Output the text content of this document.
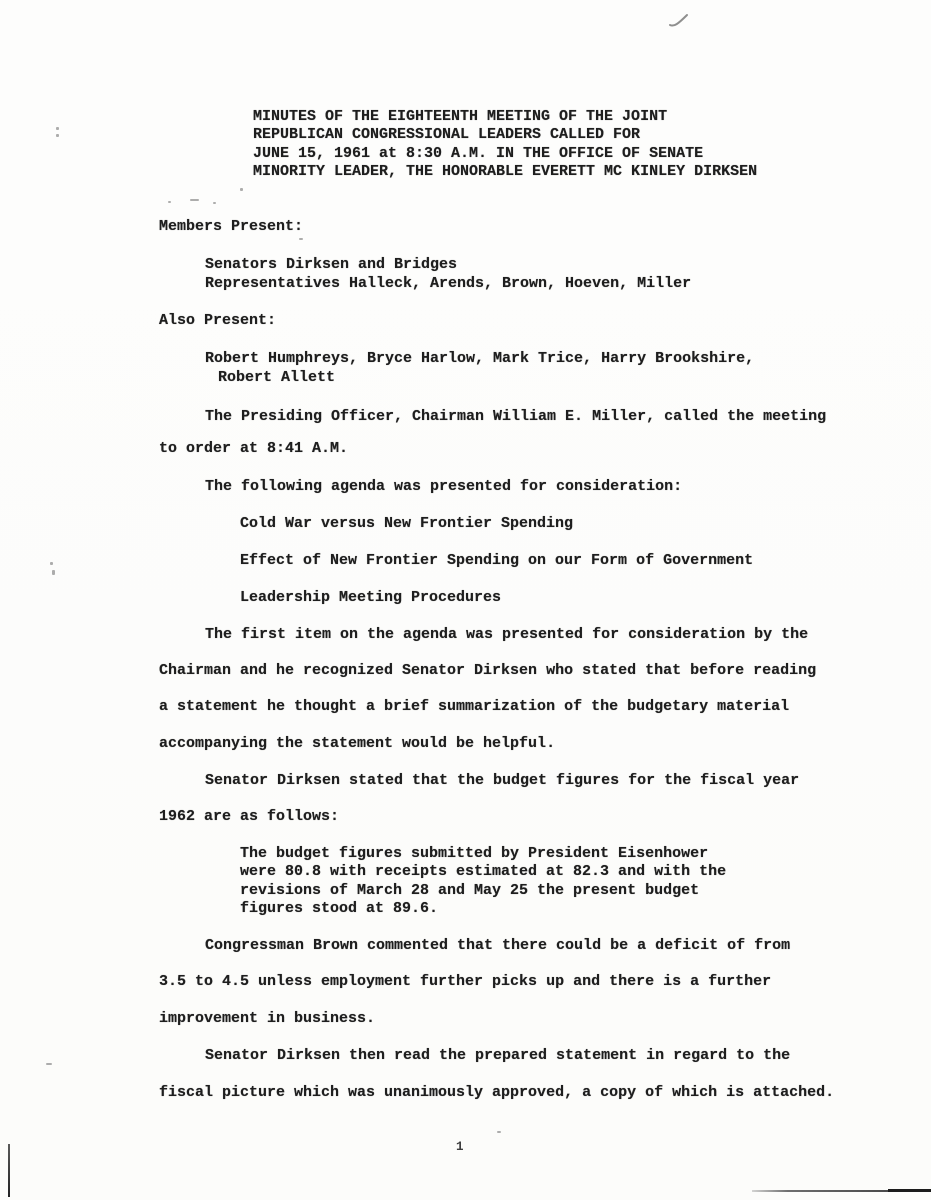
MINUTES OF THE EIGHTEENTH MEETING OF THE JOINT
REPUBLICAN CONGRESSIONAL LEADERS CALLED FOR
JUNE 15, 1961 at 8:30 A.M. IN THE OFFICE OF SENATE
MINORITY LEADER, THE HONORABLE EVERETT MC KINLEY DIRKSEN
Members Present:
Senators Dirksen and Bridges
Representatives Halleck, Arends, Brown, Hoeven, Miller
Also Present:
Robert Humphreys, Bryce Harlow, Mark Trice, Harry Brookshire,
Robert Allett
The Presiding Officer, Chairman William E. Miller, called the meeting
to order at 8:41 A.M.
The following agenda was presented for consideration:
Cold War versus New Frontier Spending
Effect of New Frontier Spending on our Form of Government
Leadership Meeting Procedures
The first item on the agenda was presented for consideration by the
Chairman and he recognized Senator Dirksen who stated that before reading
a statement he thought a brief summarization of the budgetary material
accompanying the statement would be helpful.
Senator Dirksen stated that the budget figures for the fiscal year
1962 are as follows:
The budget figures submitted by President Eisenhower
were 80.8 with receipts estimated at 82.3 and with the
revisions of March 28 and May 25 the present budget
figures stood at 89.6.
Congressman Brown commented that there could be a deficit of from
3.5 to 4.5 unless employment further picks up and there is a further
improvement in business.
Senator Dirksen then read the prepared statement in regard to the
fiscal picture which was unanimously approved, a copy of which is attached.
1
